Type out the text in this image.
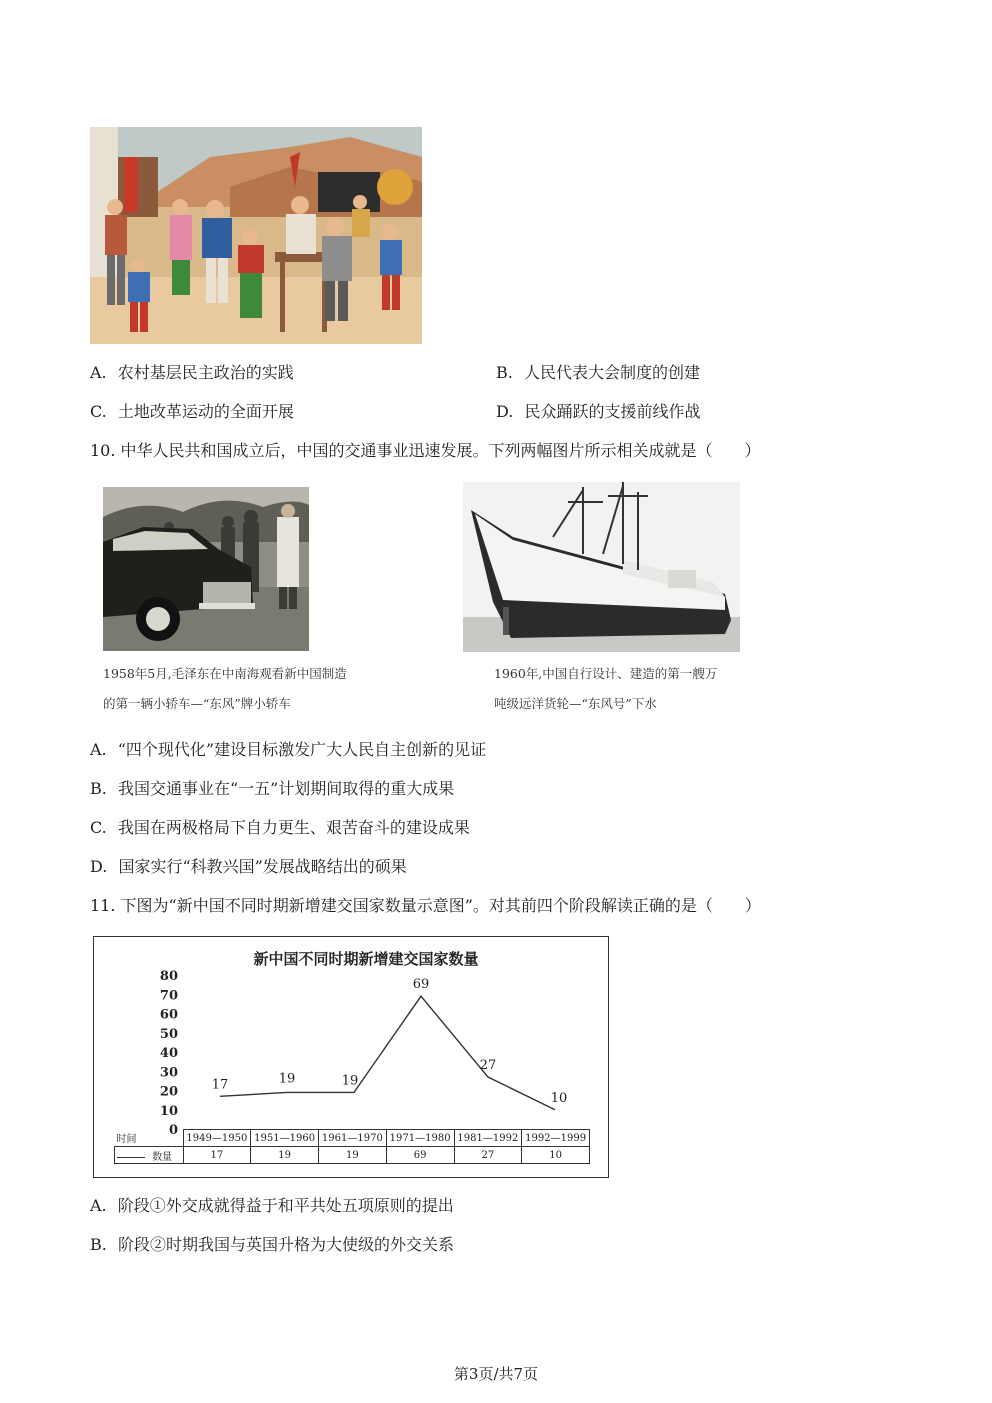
A. 农村基层民主政治的实践	B. 人民代表大会制度的创建
C. 土地改革运动的全面开展	D. 民众踊跃的支援前线作战
10. 中华人民共和国成立后，中国的交通事业迅速发展。下列两幅图片所示相关成就是（　　）
1958年5月,毛泽东在中南海观看新中国制造
的第一辆小轿车—“东风”牌小轿车
1960年,中国自行设计、建造的第一艘万
吨级远洋货轮—“东风号”下水
A. “四个现代化”建设目标激发广大人民自主创新的见证
B. 我国交通事业在“一五”计划期间取得的重大成果
C. 我国在两极格局下自力更生、艰苦奋斗的建设成果
D. 国家实行“科教兴国”发展战略结出的硕果
11. 下图为“新中国不同时期新增建交国家数量示意图”。对其前四个阶段解读正确的是（　　）
新中国不同时期新增建交国家数量
0
10
20
30
40
50
60
70
80
17	19	19
69
27
10
时间	1949—1950	1951—1960	1961—1970	1971—1980	1981—1992	1992—1999
数量	17	19	19	69	27	10
A. 阶段①外交成就得益于和平共处五项原则的提出
B. 阶段②时期我国与英国升格为大使级的外交关系
第3页/共7页
